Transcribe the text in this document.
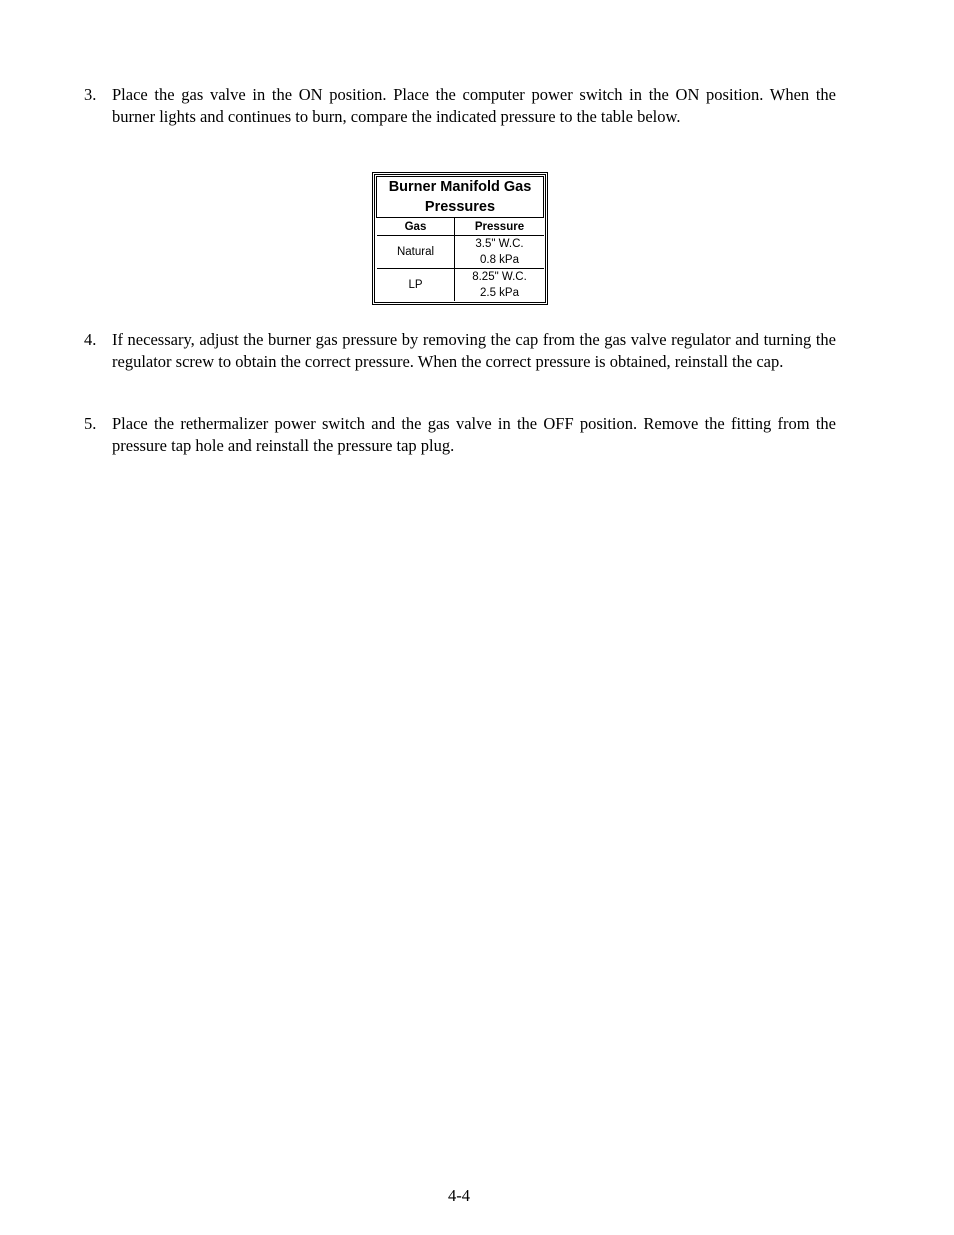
3. Place the gas valve in the ON position. Place the computer power switch in the ON position. When the burner lights and continues to burn, compare the indicated pressure to the table below.
Burner Manifold Gas
Pressures	

Gas	Pressure
Natural	3.5" W.C.
0.8 kPa

LP	8.25" W.C.
2.5 kPa
4. If necessary, adjust the burner gas pressure by removing the cap from the gas valve regulator and turning the regulator screw to obtain the correct pressure. When the correct pressure is obtained, reinstall the cap.
5. Place the rethermalizer power switch and the gas valve in the OFF position. Remove the fitting from the pressure tap hole and reinstall the pressure tap plug.
4-4
